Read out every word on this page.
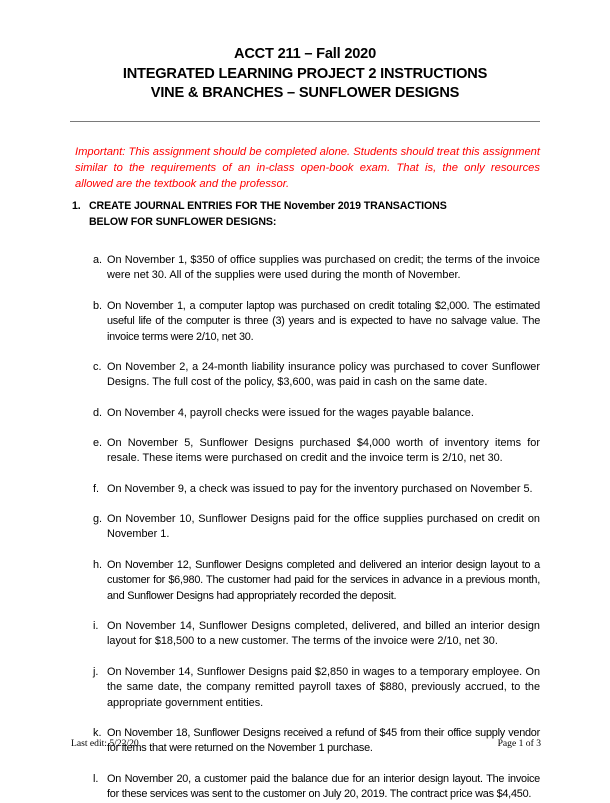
ACCT 211 – Fall 2020
INTEGRATED LEARNING PROJECT 2 INSTRUCTIONS
VINE & BRANCHES – SUNFLOWER DESIGNS
Important: This assignment should be completed alone. Students should treat this assignment similar to the requirements of an in-class open-book exam. That is, the only resources allowed are the textbook and the professor.
1. CREATE JOURNAL ENTRIES FOR THE November 2019 TRANSACTIONS BELOW FOR SUNFLOWER DESIGNS:
a. On November 1, $350 of office supplies was purchased on credit; the terms of the invoice were net 30. All of the supplies were used during the month of November.
b. On November 1, a computer laptop was purchased on credit totaling $2,000. The estimated useful life of the computer is three (3) years and is expected to have no salvage value. The invoice terms were 2/10, net 30.
c. On November 2, a 24-month liability insurance policy was purchased to cover Sunflower Designs. The full cost of the policy, $3,600, was paid in cash on the same date.
d. On November 4, payroll checks were issued for the wages payable balance.
e. On November 5, Sunflower Designs purchased $4,000 worth of inventory items for resale. These items were purchased on credit and the invoice term is 2/10, net 30.
f. On November 9, a check was issued to pay for the inventory purchased on November 5.
g. On November 10, Sunflower Designs paid for the office supplies purchased on credit on November 1.
h. On November 12, Sunflower Designs completed and delivered an interior design layout to a customer for $6,980. The customer had paid for the services in advance in a previous month, and Sunflower Designs had appropriately recorded the deposit.
i. On November 14, Sunflower Designs completed, delivered, and billed an interior design layout for $18,500 to a new customer. The terms of the invoice were 2/10, net 30.
j. On November 14, Sunflower Designs paid $2,850 in wages to a temporary employee. On the same date, the company remitted payroll taxes of $880, previously accrued, to the appropriate government entities.
k. On November 18, Sunflower Designs received a refund of $45 from their office supply vendor for items that were returned on the November 1 purchase.
l. On November 20, a customer paid the balance due for an interior design layout. The invoice for these services was sent to the customer on July 20, 2019. The contract price was $4,450.
Last edit: 5/22/20	Page 1 of 3
